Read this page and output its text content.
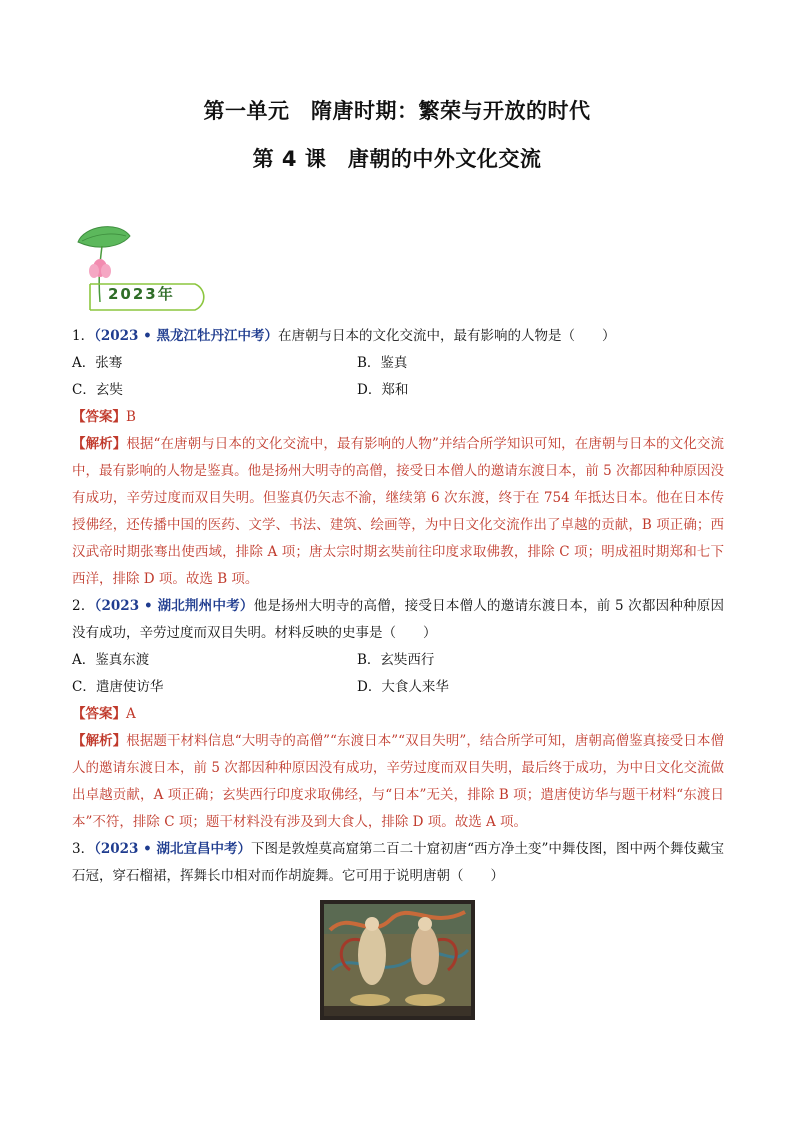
第一单元　隋唐时期：繁荣与开放的时代
第 4 课　唐朝的中外文化交流
2023年
1．（2023 • 黑龙江牡丹江中考）在唐朝与日本的文化交流中，最有影响的人物是（　　）
A．张骞	B．鉴真
C．玄奘	D．郑和
【答案】B
【解析】根据“在唐朝与日本的文化交流中，最有影响的人物”并结合所学知识可知，在唐朝与日本的文化交流中，最有影响的人物是鉴真。他是扬州大明寺的高僧，接受日本僧人的邀请东渡日本，前 5 次都因种种原因没有成功，辛劳过度而双目失明。但鉴真仍矢志不渝，继续第 6 次东渡，终于在 754 年抵达日本。他在日本传授佛经，还传播中国的医药、文学、书法、建筑、绘画等，为中日文化交流作出了卓越的贡献，B 项正确；西汉武帝时期张骞出使西域，排除 A 项；唐太宗时期玄奘前往印度求取佛教，排除 C 项；明成祖时期郑和七下西洋，排除 D 项。故选 B 项。
2．（2023 • 湖北荆州中考）他是扬州大明寺的高僧，接受日本僧人的邀请东渡日本，前 5 次都因种种原因没有成功，辛劳过度而双目失明。材料反映的史事是（　　）
A．鉴真东渡	B．玄奘西行
C．遣唐使访华	D．大食人来华
【答案】A
【解析】根据题干材料信息“大明寺的高僧”“东渡日本”“双目失明”，结合所学可知，唐朝高僧鉴真接受日本僧人的邀请东渡日本，前 5 次都因种种原因没有成功，辛劳过度而双目失明，最后终于成功，为中日文化交流做出卓越贡献，A 项正确；玄奘西行印度求取佛经，与“日本”无关，排除 B 项；遣唐使访华与题干材料“东渡日本”不符，排除 C 项；题干材料没有涉及到大食人，排除 D 项。故选 A 项。
3．（2023 • 湖北宜昌中考）下图是敦煌莫高窟第二百二十窟初唐“西方净土变”中舞伎图，图中两个舞伎戴宝石冠，穿石榴裙，挥舞长巾相对而作胡旋舞。它可用于说明唐朝（　　）
